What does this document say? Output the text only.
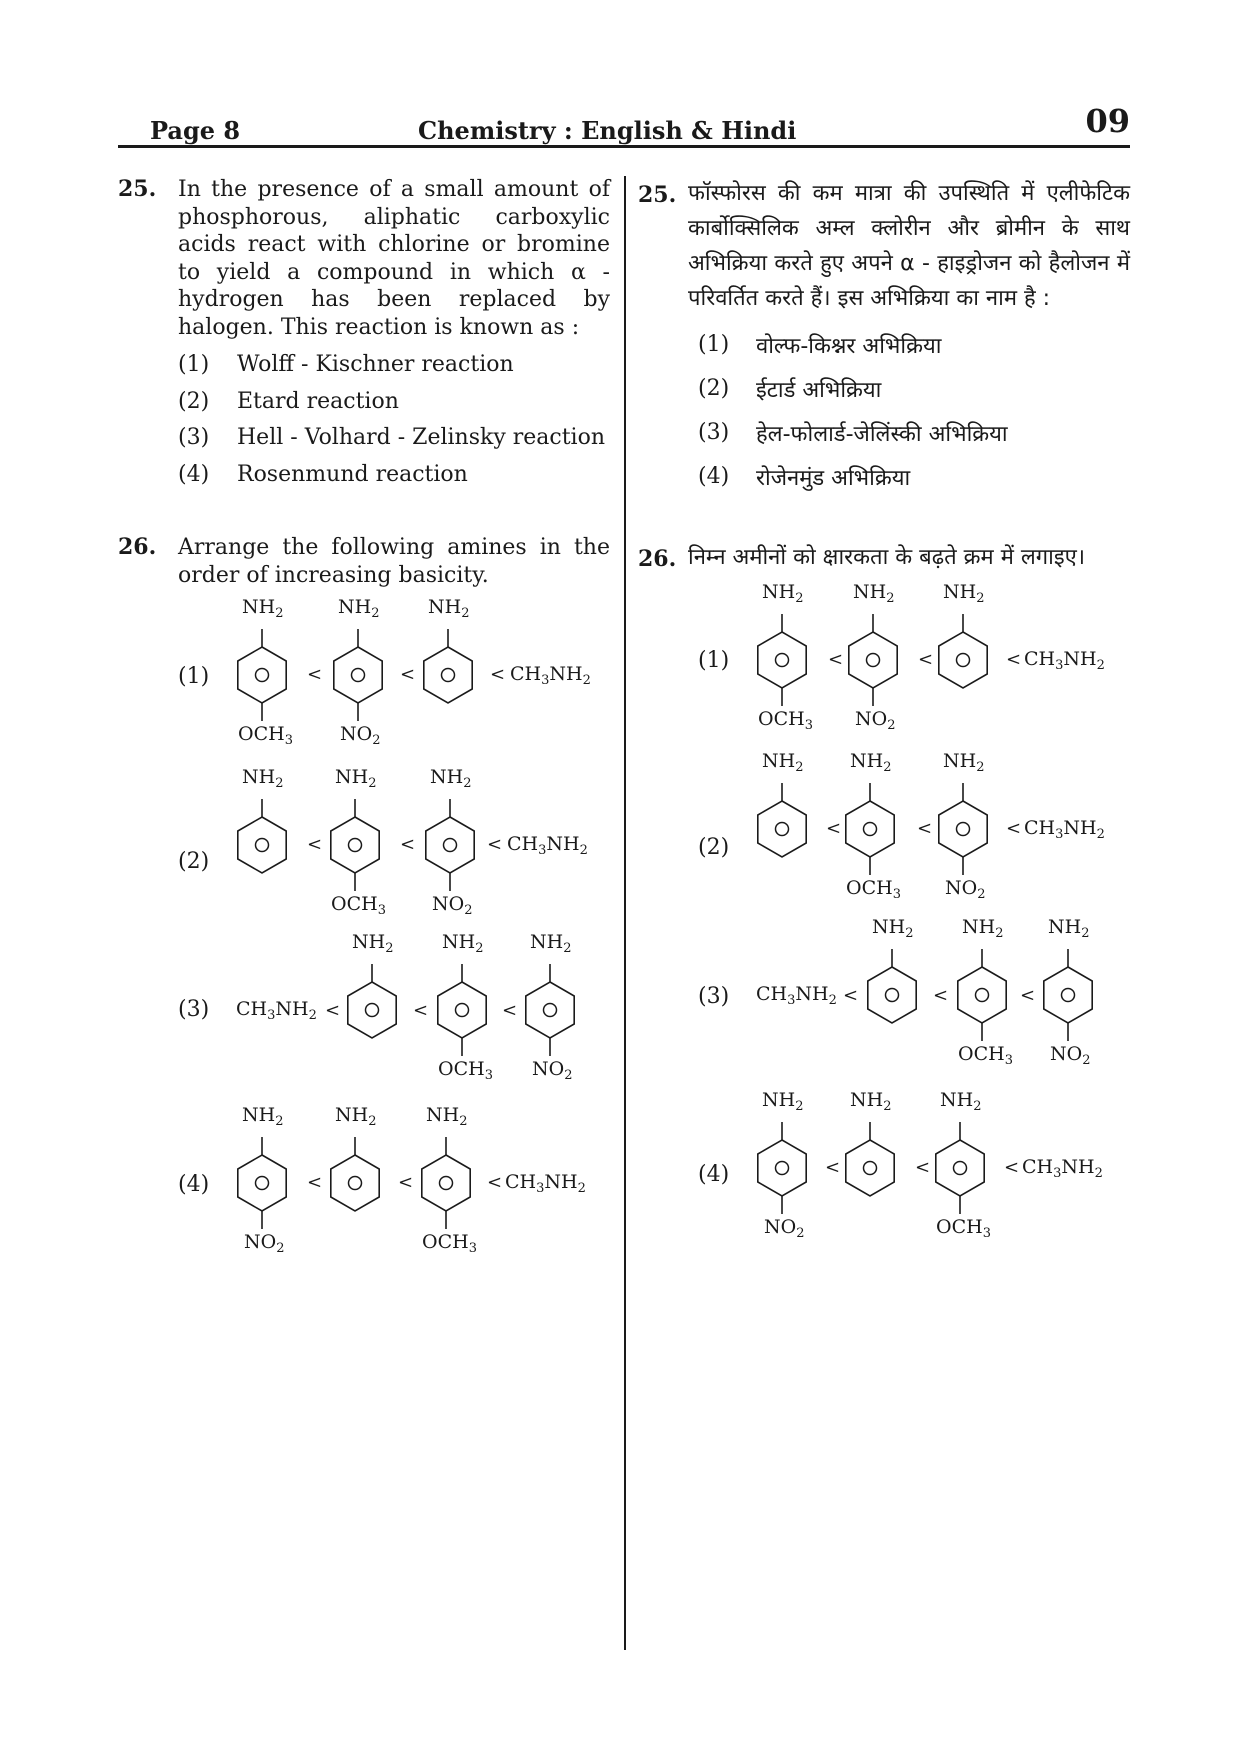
Page 8	Chemistry : English & Hindi	09
25. In the presence of a small amount of phosphorous, aliphatic carboxylic acids react with chlorine or bromine to yield a compound in which α - hydrogen has been replaced by halogen. This reaction is known as :
(1) Wolff - Kischner reaction
(2) Etard reaction
(3) Hell - Volhard - Zelinsky reaction
(4) Rosenmund reaction
25. फॉस्फोरस की कम मात्रा की उपस्थिति में एलीफेटिक कार्बोक्सिलिक अम्ल क्लोरीन और ब्रोमीन के साथ अभिक्रिया करते हुए अपने α - हाइड्रोजन को हैलोजन में परिवर्तित करते हैं। इस अभिक्रिया का नाम है :
(1) वोल्फ-किश्नर अभिक्रिया
(2) ईटार्ड अभिक्रिया
(3) हेल-फोलार्ड-जेलिंस्की अभिक्रिया
(4) रोजेनमुंड अभिक्रिया
26. Arrange the following amines in the order of increasing basicity.
(1)
(2)
(3)
(4)
26. निम्न अमीनों को क्षारकता के बढ़ते क्रम में लगाइए।
(1)
(2)
(3)
(4)
$NH_2$
$OCH_3$
$NH_2$
$NO_2$
$NH_2$
<	<	< $CH_3NH_2$
$NH_2$	$NH_2$
$OCH_3$
$NH_2$
$NO_2$
<	<	< $CH_3NH_2$
<
$CH_3NH_2$
$NH_2$	$NH_2$
$OCH_3$
$NH_2$
$NO_2$
<	<
$NH_2$
$NO_2$
$NH_2$	$NH_2$
$OCH_3$
<	<	< $CH_3NH_2$
$NH_2$
$OCH_3$
$NH_2$
$NO_2$
$NH_2$
<	<	< $CH_3NH_2$
$NH_2$ $NH_2$
$OCH_3$
$NH_2$
$NO_2$
<	<	< $CH_3NH_2$
$CH_3NH_2$ <
$NH_2$	$NH_2$
$OCH_3$
$NH_2$
$NO_2$
<	<
$NH_2$
$NO_2$
$NH_2$	$NH_2$
$OCH_3$
<	<	< $CH_3NH_2$
